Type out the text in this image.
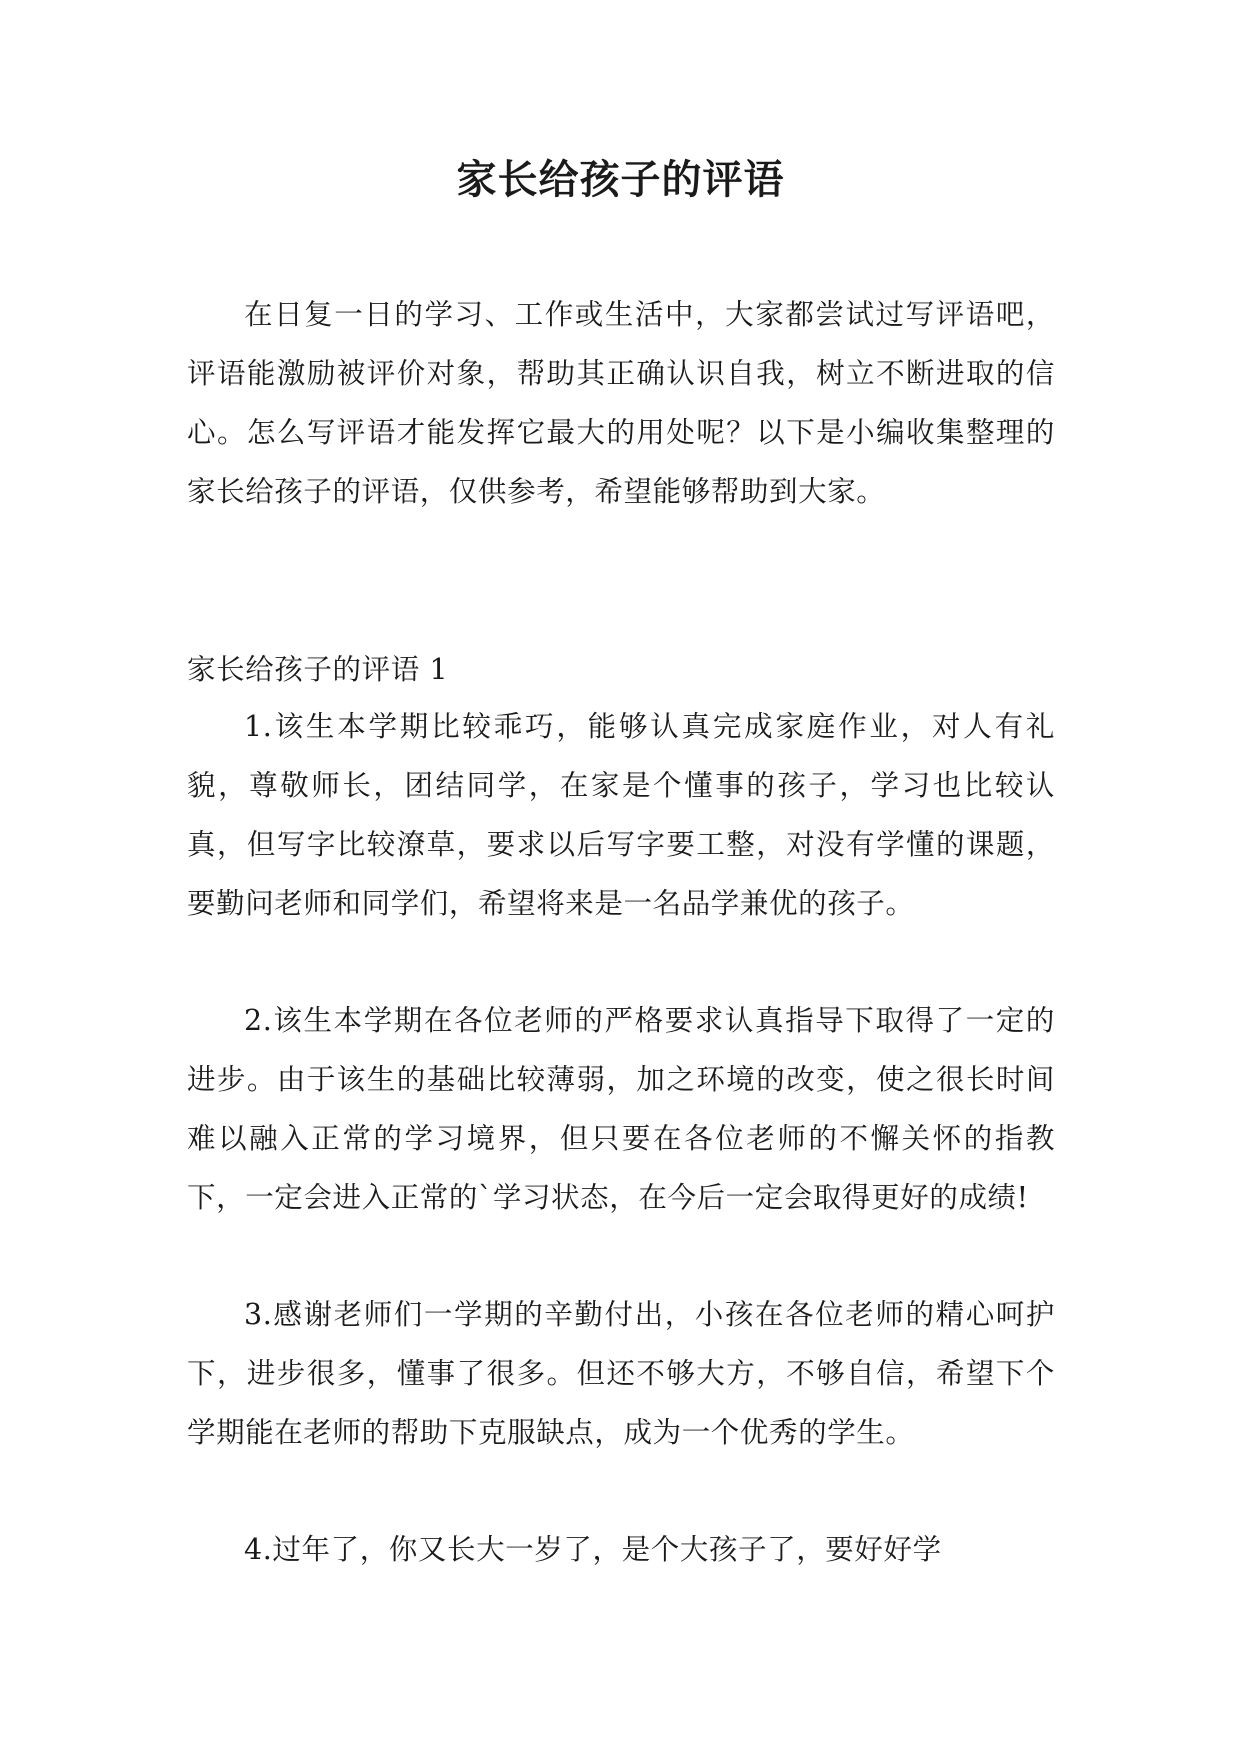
家长给孩子的评语

在日复一日的学习、工作或生活中，大家都尝试过写评语吧，评语能激励被评价对象，帮助其正确认识自我，树立不断进取的信心。怎么写评语才能发挥它最大的用处呢？以下是小编收集整理的家长给孩子的评语，仅供参考，希望能够帮助到大家。

家长给孩子的评语 1

1.该生本学期比较乖巧，能够认真完成家庭作业，对人有礼貌，尊敬师长，团结同学，在家是个懂事的孩子，学习也比较认真，但写字比较潦草，要求以后写字要工整，对没有学懂的课题，要勤问老师和同学们，希望将来是一名品学兼优的孩子。

2.该生本学期在各位老师的严格要求认真指导下取得了一定的进步。由于该生的基础比较薄弱，加之环境的改变，使之很长时间难以融入正常的学习境界，但只要在各位老师的不懈关怀的指教下，一定会进入正常的`学习状态，在今后一定会取得更好的成绩!

3.感谢老师们一学期的辛勤付出，小孩在各位老师的精心呵护下，进步很多，懂事了很多。但还不够大方，不够自信，希望下个学期能在老师的帮助下克服缺点，成为一个优秀的学生。

4.过年了，你又长大一岁了，是个大孩子了，要好好学
